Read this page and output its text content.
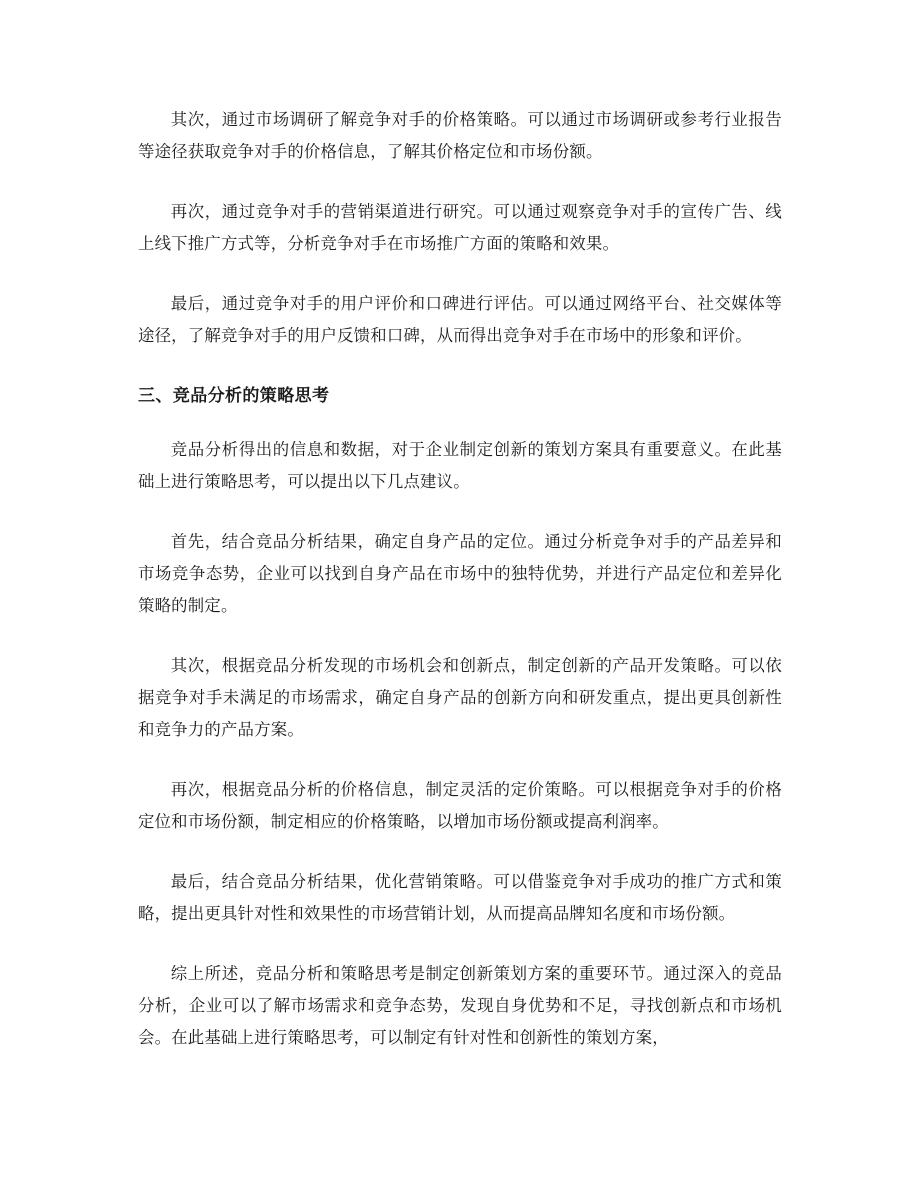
其次，通过市场调研了解竞争对手的价格策略。可以通过市场调研或参考行业报告等途径获取竞争对手的价格信息，了解其价格定位和市场份额。

再次，通过竞争对手的营销渠道进行研究。可以通过观察竞争对手的宣传广告、线上线下推广方式等，分析竞争对手在市场推广方面的策略和效果。

最后，通过竞争对手的用户评价和口碑进行评估。可以通过网络平台、社交媒体等途径，了解竞争对手的用户反馈和口碑，从而得出竞争对手在市场中的形象和评价。

三、竞品分析的策略思考

竞品分析得出的信息和数据，对于企业制定创新的策划方案具有重要意义。在此基础上进行策略思考，可以提出以下几点建议。

首先，结合竞品分析结果，确定自身产品的定位。通过分析竞争对手的产品差异和市场竞争态势，企业可以找到自身产品在市场中的独特优势，并进行产品定位和差异化策略的制定。

其次，根据竞品分析发现的市场机会和创新点，制定创新的产品开发策略。可以依据竞争对手未满足的市场需求，确定自身产品的创新方向和研发重点，提出更具创新性和竞争力的产品方案。

再次，根据竞品分析的价格信息，制定灵活的定价策略。可以根据竞争对手的价格定位和市场份额，制定相应的价格策略，以增加市场份额或提高利润率。

最后，结合竞品分析结果，优化营销策略。可以借鉴竞争对手成功的推广方式和策略，提出更具针对性和效果性的市场营销计划，从而提高品牌知名度和市场份额。

综上所述，竞品分析和策略思考是制定创新策划方案的重要环节。通过深入的竞品分析，企业可以了解市场需求和竞争态势，发现自身优势和不足，寻找创新点和市场机会。在此基础上进行策略思考，可以制定有针对性和创新性的策划方案，
